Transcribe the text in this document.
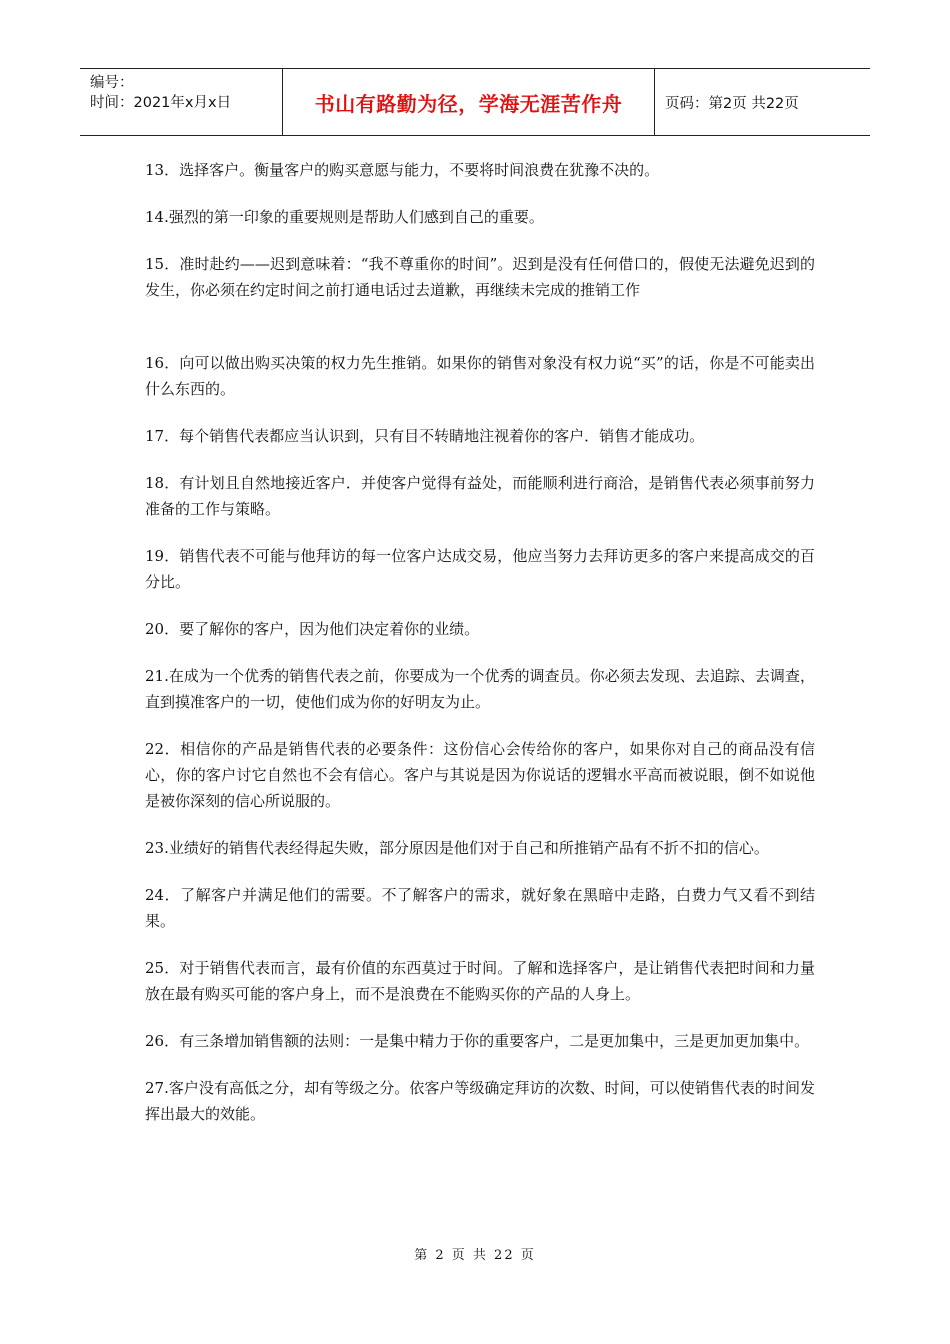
编号：
时间：2021年x月x日	书山有路勤为径，学海无涯苦作舟	页码：第2页 共22页

13．选择客户。衡量客户的购买意愿与能力，不要将时间浪费在犹豫不决的。

14.强烈的第一印象的重要规则是帮助人们感到自己的重要。

15．准时赴约——迟到意味着：“我不尊重你的时间”。迟到是没有任何借口的，假使无法避免迟到的发生，你必须在约定时间之前打通电话过去道歉，再继续未完成的推销工作

16．向可以做出购买决策的权力先生推销。如果你的销售对象没有权力说“买”的话，你是不可能卖出什么东西的。

17．每个销售代表都应当认识到，只有目不转睛地注视着你的客户．销售才能成功。

18．有计划且自然地接近客户．并使客户觉得有益处，而能顺利进行商洽，是销售代表必须事前努力准备的工作与策略。

19．销售代表不可能与他拜访的每一位客户达成交易，他应当努力去拜访更多的客户来提高成交的百分比。

20．要了解你的客户，因为他们决定着你的业绩。

21.在成为一个优秀的销售代表之前，你要成为一个优秀的调查员。你必须去发现、去追踪、去调查，直到摸准客户的一切，使他们成为你的好明友为止。

22．相信你的产品是销售代表的必要条件：这份信心会传给你的客户，如果你对自己的商品没有信心，你的客户讨它自然也不会有信心。客户与其说是因为你说话的逻辑水平高而被说眼，倒不如说他是被你深刻的信心所说服的。

23.业绩好的销售代表经得起失败，部分原因是他们对于自己和所推销产品有不折不扣的信心。

24．了解客户并满足他们的需要。不了解客户的需求，就好象在黑暗中走路，白费力气又看不到结果。

25．对于销售代表而言，最有价值的东西莫过于时间。了解和选择客户，是让销售代表把时间和力量放在最有购买可能的客户身上，而不是浪费在不能购买你的产品的人身上。

26．有三条增加销售额的法则：一是集中精力于你的重要客户，二是更加集中，三是更加更加集中。

27.客户没有高低之分，却有等级之分。依客户等级确定拜访的次数、时间，可以使销售代表的时间发挥出最大的效能。

第 2 页 共 22 页
